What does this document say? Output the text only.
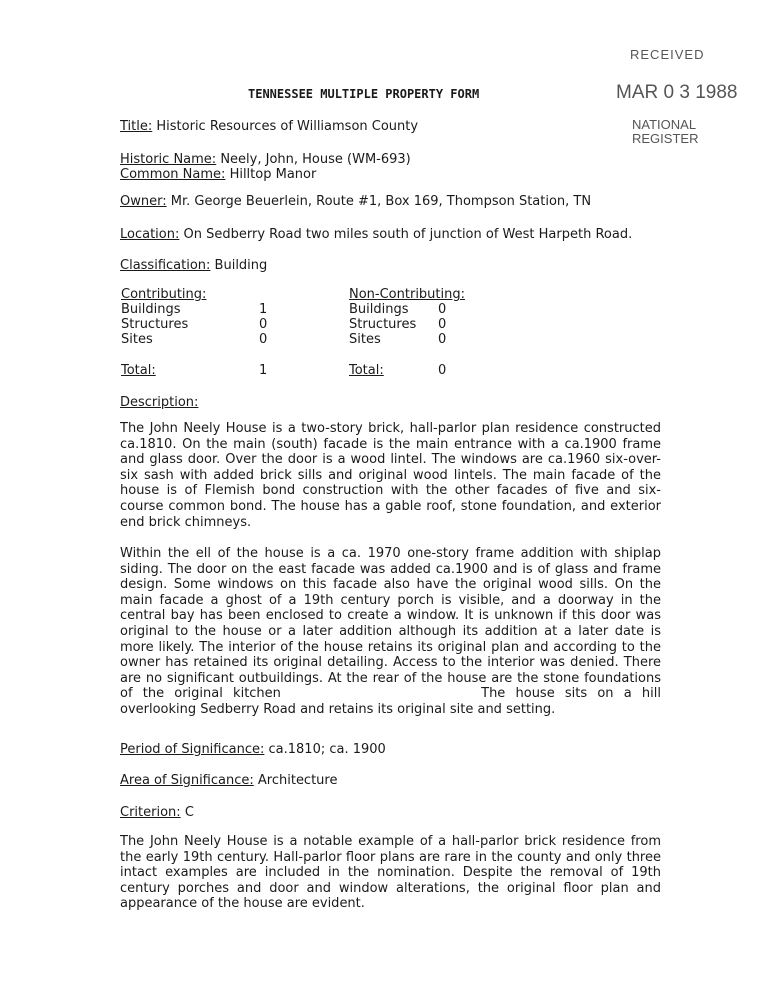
RECEIVED
MAR 0 3 1988
NATIONAL
REGISTER
TENNESSEE MULTIPLE PROPERTY FORM
Title: Historic Resources of Williamson County
Historic Name: Neely, John, House (WM-693)
Common Name: Hilltop Manor
Owner: Mr. George Beuerlein, Route #1, Box 169, Thompson Station, TN
Location: On Sedberry Road two miles south of junction of West Harpeth Road.
Classification: Building
Contributing:
Buildings	1
Structures	0
Sites	0
Total:	1
Non-Contributing:
Buildings 0
Structures 0
Sites	0
Total:	0
Description:
The John Neely House is a two-story brick, hall-parlor plan residence constructed ca.1810. On the main (south) facade is the main entrance with a ca.1900 frame and glass door. Over the door is a wood lintel. The windows are ca.1960 six-over-six sash with added brick sills and original wood lintels. The main facade of the house is of Flemish bond construction with the other facades of five and six-course common bond. The house has a gable roof, stone foundation, and exterior end brick chimneys.
Within the ell of the house is a ca. 1970 one-story frame addition with shiplap siding. The door on the east facade was added ca.1900 and is of glass and frame design. Some windows on this facade also have the original wood sills. On the main facade a ghost of a 19th century porch is visible, and a doorway in the central bay has been enclosed to create a window. It is unknown if this door was original to the house or a later addition although its addition at a later date is more likely. The interior of the house retains its original plan and according to the owner has retained its original detailing. Access to the interior was denied. There are no significant outbuildings. At the rear of the house are the stone foundations of the original kitchen	The house sits on a hill overlooking Sedberry Road and retains its original site and setting.
Period of Significance: ca.1810; ca. 1900
Area of Significance: Architecture
Criterion: C
The John Neely House is a notable example of a hall-parlor brick residence from the early 19th century. Hall-parlor floor plans are rare in the county and only three intact examples are included in the nomination. Despite the removal of 19th century porches and door and window alterations, the original floor plan and appearance of the house are evident.
